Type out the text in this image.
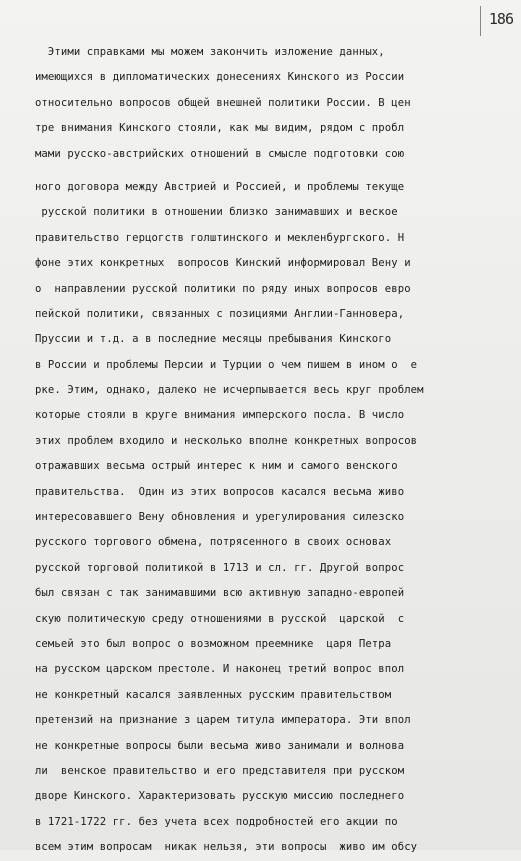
186
Этими справками мы можем закончить изложение данных,
имеющихся в дипломатических донесениях Кинского из России
относительно вопросов общей внешней политики России. В цен
тре внимания Кинского стояли, как мы видим, рядом с пробл
мами русско-австрийских отношений в смысле подготовки сою
ного договора между Австрией и Россией, и проблемы текуще
русской политики в отношении близко занимавших и веское
правительство герцогств голштинского и мекленбургского. Н
фоне этих конкретных  вопросов Кинский информировал Вену и
о  направлении русской политики по ряду иных вопросов евро
пейской политики, связанных с позициями Англии-Ганновера,
Пруссии и т.д. а в последние месяцы пребывания Кинского
в России и проблемы Персии и Турции о чем пишем в ином о  е
рке. Этим, однако, далеко не исчерпывается весь круг проблем
которые стояли в круге внимания имперского посла. В число
этих проблем входило и несколько вполне конкретных вопросов
отражавших весьма острый интерес к ним и самого венского
правительства.  Один из этих вопросов касался весьма живо
интересовавшего Вену обновления и урегулирования силезско
русского торгового обмена, потрясенного в своих основах
русской торговой политикой в 1713 и сл. гг. Другой вопрос
был связан с так занимавшими всю активную западно-европей
скую политическую среду отношениями в русской  царской  с
семьей это был вопрос о возможном преемнике  царя Петра
на русском царском престоле. И наконец третий вопрос впол
не конкретный касался заявленных русским правительством
претензий на признание з царем титула императора. Эти впол
не конкретные вопросы были весьма живо занимали и волнова
ли  венское правительство и его представителя при русском
дворе Кинского. Характеризовать русскую миссию последнего
в 1721-1722 гг. без учета всех подробностей его акции по
всем этим вопросам  никак нельзя, эти вопросы  живо им обсу
